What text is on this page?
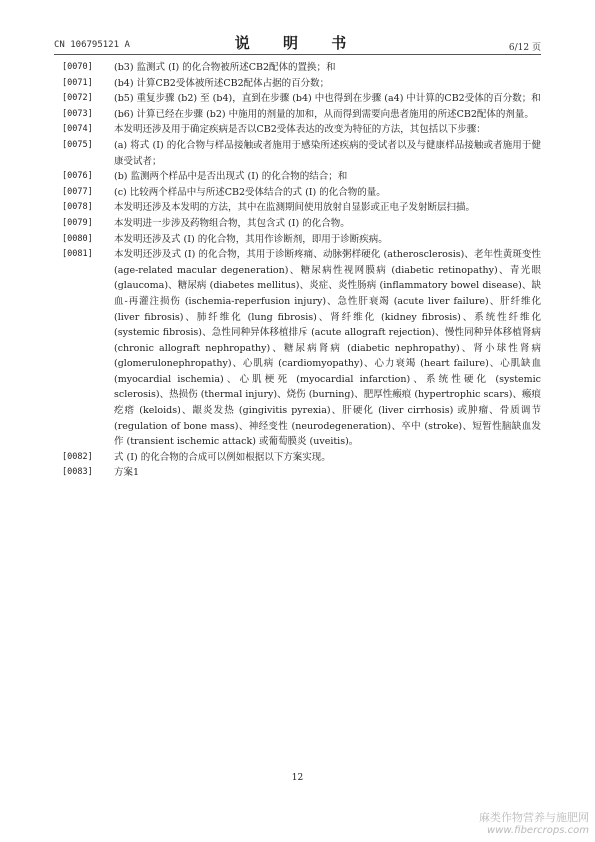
CN 106795121 A	说 明 书	6/12 页

[0070]	(b3) 监测式 (I) 的化合物被所述CB2配体的置换；和

[0071]	(b4) 计算CB2受体被所述CB2配体占据的百分数；

[0072]	(b5) 重复步骤 (b2) 至 (b4)，直到在步骤 (b4) 中也得到在步骤 (a4) 中计算的CB2受体的百分数；和

[0073]	(b6) 计算已经在步骤 (b2) 中施用的剂量的加和，从而得到需要向患者施用的所述CB2配体的剂量。

[0074]	本发明还涉及用于确定疾病是否以CB2受体表达的改变为特征的方法，其包括以下步骤：

[0075]	(a) 将式 (I) 的化合物与样品接触或者施用于感染所述疾病的受试者以及与健康样品接触或者施用于健康受试者；

[0076]	(b) 监测两个样品中是否出现式 (I) 的化合物的结合；和

[0077]	(c) 比较两个样品中与所述CB2受体结合的式 (I) 的化合物的量。

[0078]	本发明还涉及本发明的方法，其中在监测期间使用放射自显影或正电子发射断层扫描。

[0079]	本发明进一步涉及药物组合物，其包含式 (I) 的化合物。

[0080]	本发明还涉及式 (I) 的化合物，其用作诊断剂，即用于诊断疾病。

[0081]	本发明还涉及式 (I) 的化合物，其用于诊断疼痛、动脉粥样硬化 (atherosclerosis)、老年性黄斑变性 (age-related macular degeneration)、糖尿病性视网膜病 (diabetic retinopathy)、青光眼 (glaucoma)、糖尿病 (diabetes mellitus)、炎症、炎性肠病 (inflammatory bowel disease)、缺血-再灌注损伤 (ischemia-reperfusion injury)、急性肝衰竭 (acute liver failure)、肝纤维化 (liver fibrosis)、肺纤维化 (lung fibrosis)、肾纤维化 (kidney fibrosis)、系统性纤维化 (systemic fibrosis)、急性同种异体移植排斥 (acute allograft rejection)、慢性同种异体移植肾病 (chronic allograft nephropathy)、糖尿病肾病 (diabetic nephropathy)、肾小球性肾病 (glomerulonephropathy)、心肌病 (cardiomyopathy)、心力衰竭 (heart failure)、心肌缺血 (myocardial ischemia)、心肌梗死 (myocardial infarction)、系统性硬化 (systemic sclerosis)、热损伤 (thermal injury)、烧伤 (burning)、肥厚性瘢痕 (hypertrophic scars)、瘢痕疙瘩 (keloids)、龈炎发热 (gingivitis pyrexia)、肝硬化 (liver cirrhosis) 或肿瘤、骨质调节 (regulation of bone mass)、神经变性 (neurodegeneration)、卒中 (stroke)、短暂性脑缺血发作 (transient ischemic attack) 或葡萄膜炎 (uveitis)。

[0082]	式 (I) 的化合物的合成可以例如根据以下方案实现。

[0083]	方案1

12
麻类作物营养与施肥网
www.fibercrops.com
